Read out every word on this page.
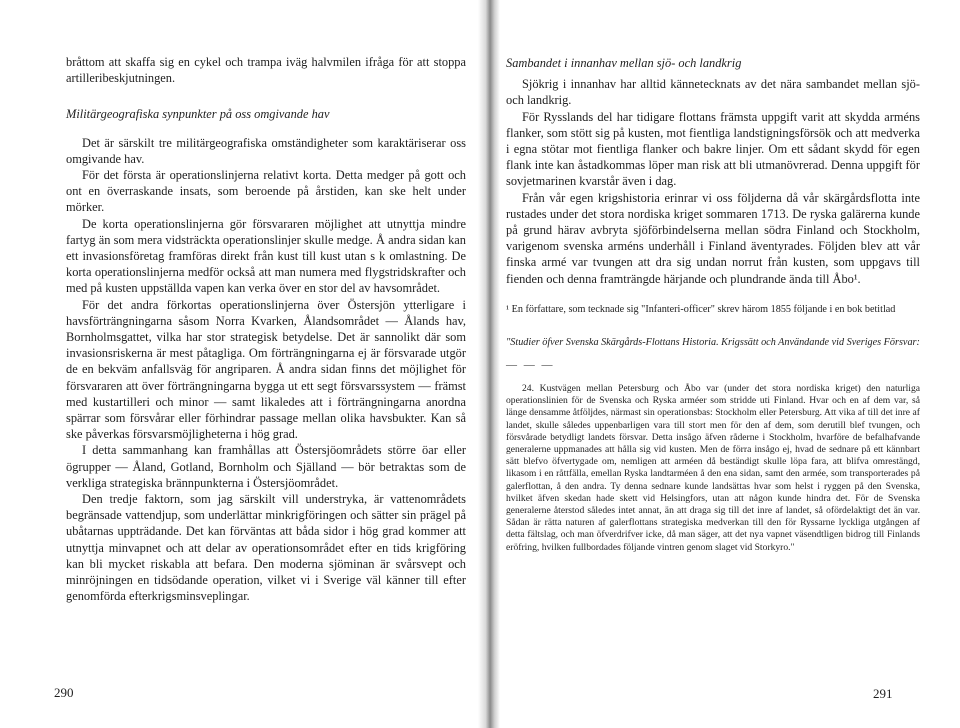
bråttom att skaffa sig en cykel och trampa iväg halvmilen ifråga för att stoppa artilleribeskjutningen.

Militärgeografiska synpunkter på oss omgivande hav

Det är särskilt tre militärgeografiska omständigheter som karaktäriserar oss omgivande hav.

För det första är operationslinjerna relativt korta. Detta medger på gott och ont en överraskande insats, som beroende på årstiden, kan ske helt under mörker.

De korta operationslinjerna gör försvararen möjlighet att utnyttja mindre fartyg än som mera vidsträckta operationslinjer skulle medge. Å andra sidan kan ett invasionsföretag framföras direkt från kust till kust utan s k omlastning. De korta operationslinjerna medför också att man numera med flygstridskrafter och med på kusten uppställda vapen kan verka över en stor del av havsområdet.

För det andra förkortas operationslinjerna över Östersjön ytterligare i havsförträngningarna såsom Norra Kvarken, Ålandsområdet — Ålands hav, Bornholmsgattet, vilka har stor strategisk betydelse. Det är sannolikt där som invasionsriskerna är mest påtagliga. Om förträngningarna ej är försvarade utgör de en bekväm anfallsväg för angriparen. Å andra sidan finns det möjlighet för försvararen att över förträngningarna bygga ut ett segt försvarssystem — främst med kustartilleri och minor — samt likaledes att i förträngningarna anordna spärrar som försvårar eller förhindrar passage mellan olika havsbukter. Kan så ske påverkas försvarsmöjligheterna i hög grad.

I detta sammanhang kan framhållas att Östersjöområdets större öar eller ögrupper — Åland, Gotland, Bornholm och Själland — bör betraktas som de verkliga strategiska brännpunkterna i Östersjöområdet.

Den tredje faktorn, som jag särskilt vill understryka, är vattenområdets begränsade vattendjup, som underlättar minkrigföringen och sätter sin prägel på ubåtarnas uppträdande. Det kan förväntas att båda sidor i hög grad kommer att utnyttja minvapnet och att delar av operationsområdet efter en tids krigföring kan bli mycket riskabla att befara. Den moderna sjöminan är svårsvept och minröjningen en tidsödande operation, vilket vi i Sverige väl känner till efter genomförda efterkrigsminsveplingar.

290

Sambandet i innanhav mellan sjö- och landkrig

Sjökrig i innanhav har alltid kännetecknats av det nära sambandet mellan sjö- och landkrig.

För Rysslands del har tidigare flottans främsta uppgift varit att skydda arméns flanker, som stött sig på kusten, mot fientliga landstigningsförsök och att medverka i egna stötar mot fientliga flanker och bakre linjer. Om ett sådant skydd för egen flank inte kan åstadkommas löper man risk att bli utmanövrerad. Denna uppgift för sovjetmarinen kvarstår även i dag.

Från vår egen krigshistoria erinrar vi oss följderna då vår skärgårdsflotta inte rustades under det stora nordiska kriget sommaren 1713. De ryska galärerna kunde på grund härav avbryta sjöförbindelserna mellan södra Finland och Stockholm, varigenom svenska arméns underhåll i Finland äventyrades. Följden blev att vår finska armé var tvungen att dra sig undan norrut från kusten, som uppgavs till fienden och denna framträngde härjande och plundrande ända till Åbo¹.

¹ En författare, som tecknade sig "Infanteri-officer" skrev härom 1855 följande i en bok betitlad

"Studier öfver Svenska Skärgårds-Flottans Historia. Krigssätt och Användande vid Sveriges Försvar:

— — —

24. Kustvägen mellan Petersburg och Åbo var (under det stora nordiska kriget) den naturliga operationslinien för de Svenska och Ryska arméer som stridde uti Finland. Hvar och en af dem var, så länge densamme åtföljdes, närmast sin operationsbas: Stockholm eller Petersburg. Att vika af till det inre af landet, skulle således uppenbarligen vara till stort men för den af dem, som derutill blef tvungen, och försvårade betydligt landets försvar. Detta insågo äfven råderne i Stockholm, hvarföre de befalhafvande generalerne uppmanades att hålla sig vid kusten. Men de förra insågo ej, hvad de sednare på ett kännbart sätt blefvo öfvertygade om, nemligen att arméen då beständigt skulle löpa fara, att blifva omrestängd, likasom i en råttfälla, emellan Ryska landtarméen å den ena sidan, samt den armée, som transporterades på galerflottan, å den andra. Ty denna sednare kunde landsättas hvar som helst i ryggen på den Svenska, hvilket äfven skedan hade skett vid Helsingfors, utan att någon kunde hindra det. För de Svenska generalerne återstod således intet annat, än att draga sig till det inre af landet, så ofördelaktigt det än var. Sådan är rätta naturen af galerflottans strategiska medverkan till den för Ryssarne lyckliga utgången af detta fältslag, och man öfverdrifver icke, då man säger, att det nya vapnet väsendtligen bidrog till Finlands eröfring, hvilken fullbordades följande vintren genom slaget vid Storkyro."

291
